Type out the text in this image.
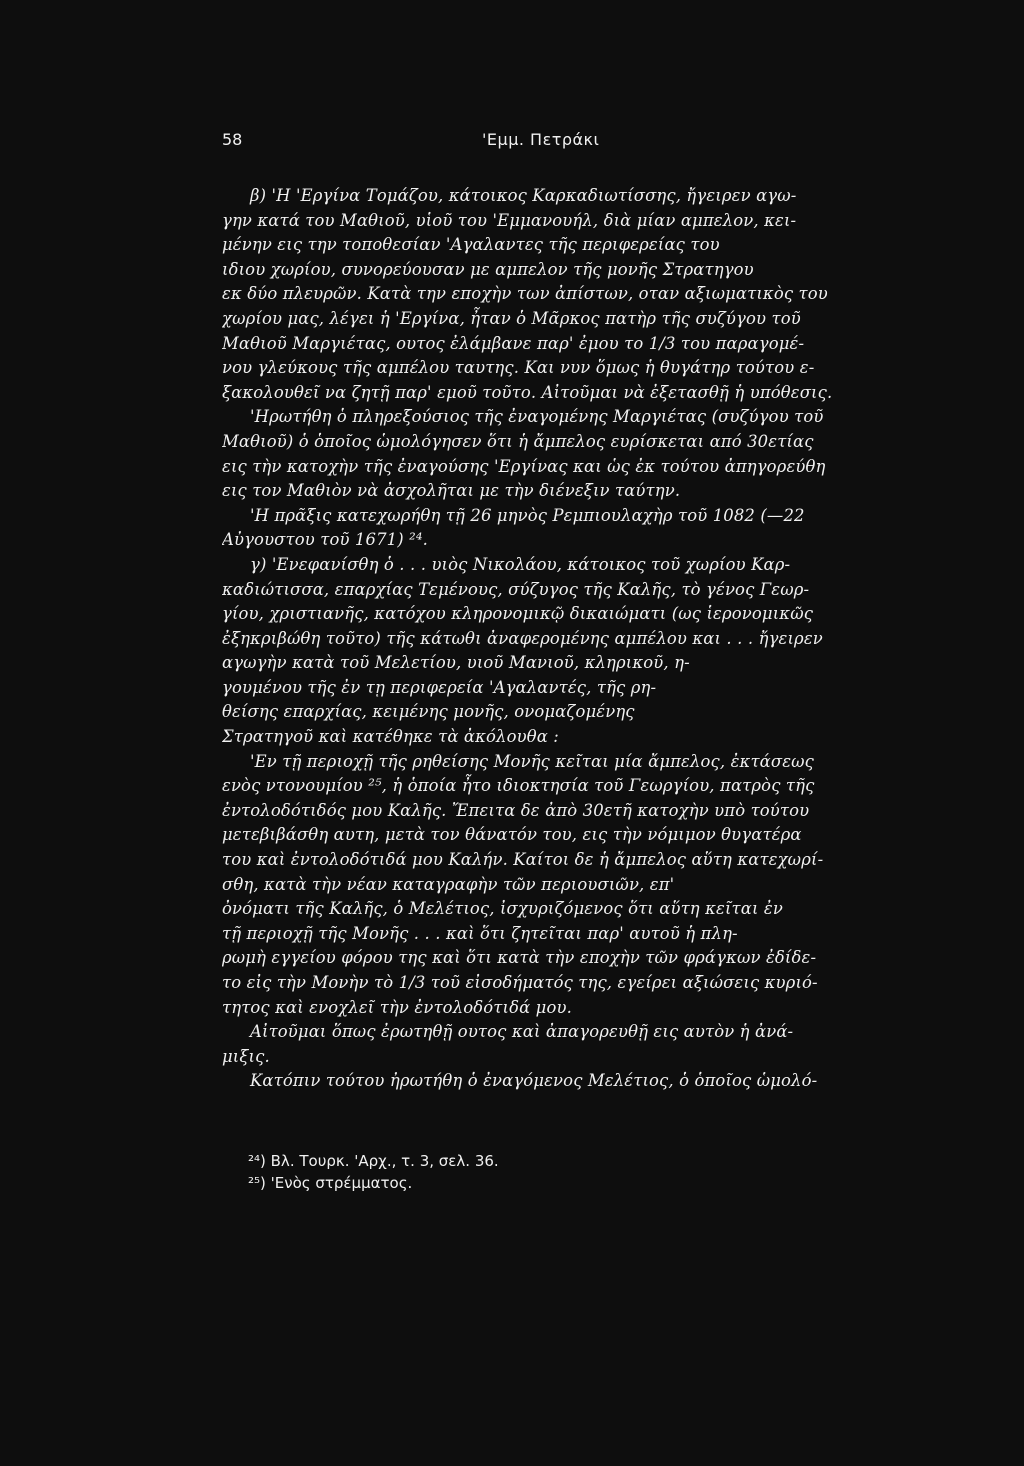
58	'Εμμ. Πετράκι
β) 'Η 'Εργίνα Τομάζου, κάτοικος Καρκαδιωτίσσης, ἤγειρεν αγω-
γην κατά του Μαθιοῦ, υἱοῦ του 'Εμμανουήλ, διὰ μίαν αμπελον, κει-
μένην εις την τοποθεσίαν 'Αγαλαντες τῆς περιφερείας του
ιδιου χωρίου, συνορεύουσαν με αμπελον τῆς μονῆς Στρατηγου
εκ δύο πλευρῶν. Κατὰ την εποχὴν των ἀπίστων, οταν αξιωματικὸς του
χωρίου μας, λέγει ἡ 'Εργίνα, ἦταν ὁ Μᾶρκος πατὴρ τῆς συζύγου τοῦ
Μαθιοῦ Μαργιέτας, ουτος ἐλάμβανε παρ' ἐμου το 1/3 του παραγομέ-
νου γλεύκους τῆς αμπέλου ταυτης. Και νυν ὅμως ἡ θυγάτηρ τούτου ε-
ξακολουθεῖ να ζητῇ παρ' εμοῦ τοῦτο. Αἰτοῦμαι νὰ ἐξετασθῇ ἡ υπόθεσις.
'Ηρωτήθη ὁ πληρεξούσιος τῆς ἐναγομένης Μαργιέτας (συζύγου τοῦ
Μαθιοῦ) ὁ ὁποῖος ὡμολόγησεν ὅτι ἡ ἄμπελος ευρίσκεται από 30ετίας
εις τὴν κατοχὴν τῆς ἐναγούσης 'Εργίνας και ὡς ἐκ τούτου ἀπηγορεύθη
εις τον Μαθιὸν νὰ ἀσχολῆται με τὴν διένεξιν ταύτην.
'Η πρᾶξις κατεχωρήθη τῇ 26 μηνὸς Ρεμπιουλαχὴρ τοῦ 1082 (—22
Αὐγουστου τοῦ 1671) ²⁴.
γ) 'Ενεφανίσθη ὁ . . . υιὸς Νικολάου, κάτοικος τοῦ χωρίου Καρ-
καδιώτισσα, επαρχίας Τεμένους, σύζυγος τῆς Καλῆς, τὸ γένος Γεωρ-
γίου, χριστιανῆς, κατόχου κληρονομικῷ δικαιώματι (ως ἱερονομικῶς
ἐξηκριβώθη τοῦτο) τῆς κάτωθι ἀναφερομένης αμπέλου και . . . ἤγειρεν
αγωγὴν κατὰ τοῦ Μελετίου, υιοῦ Μανιοῦ, κληρικοῦ, η-
γουμένου τῆς ἐν τῃ περιφερεία 'Αγαλαντές, τῆς ρη-
θείσης επαρχίας, κειμένης μονῆς, ονομαζομένης
Στρατηγοῦ καὶ κατέθηκε τὰ ἀκόλουθα :
'Εν τῇ περιοχῇ τῆς ρηθείσης Μονῆς κεῖται μία ἄμπελος, ἐκτάσεως
ενὸς ντονουμίου ²⁵, ἡ ὁποία ἦτο ιδιοκτησία τοῦ Γεωργίου, πατρὸς τῆς
ἐντολοδότιδός μου Καλῆς. Ἔπειτα δε ἀπὸ 30ετῆ κατοχὴν υπὸ τούτου
μετεβιβάσθη αυτη, μετὰ τον θάνατόν του, εις τὴν νόμιμον θυγατέρα
του καὶ ἐντολοδότιδά μου Καλήν. Καίτοι δε ἡ ἄμπελος αὕτη κατεχωρί-
σθη, κατὰ τὴν νέαν καταγραφὴν τῶν περιουσιῶν, επ'
ὀνόματι τῆς Καλῆς, ὁ Μελέτιος, ἰσχυριζόμενος ὅτι αὕτη κεῖται ἐν
τῇ περιοχῇ τῆς Μονῆς . . . καὶ ὅτι ζητεῖται παρ' αυτοῦ ἡ πλη-
ρωμὴ εγγείου φόρου της καὶ ὅτι κατὰ τὴν εποχὴν τῶν φράγκων ἐδίδε-
το εἰς τὴν Μονὴν τὸ 1/3 τοῦ εἰσοδήματός της, εγείρει αξιώσεις κυριό-
τητος καὶ ενοχλεῖ τὴν ἐντολοδότιδά μου.
Αἰτοῦμαι ὅπως ἐρωτηθῇ ουτος καὶ ἀπαγορευθῇ εις αυτὸν ἡ ἀνά-
μιξις.
Κατόπιν τούτου ἠρωτήθη ὁ ἐναγόμενος Μελέτιος, ὁ ὁποῖος ὡμολό-
²⁴) Βλ. Τουρκ. 'Αρχ., τ. 3, σελ. 36.
²⁵) 'Ενὸς στρέμματος.
